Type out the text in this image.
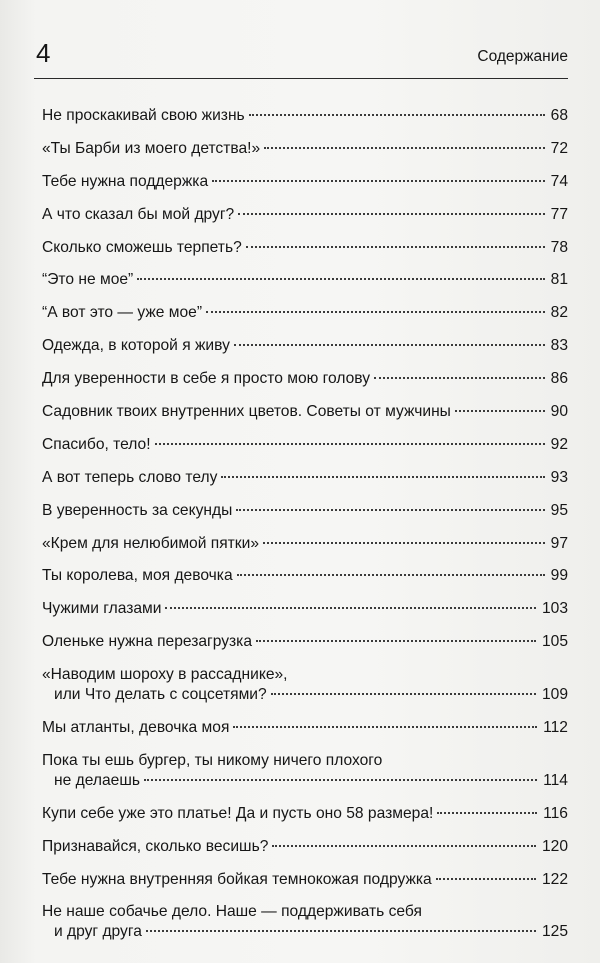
4	Содержание
Не проскакивай свою жизнь	68
«Ты Барби из моего детства!»	72
Тебе нужна поддержка	74
А что сказал бы мой друг?	77
Сколько сможешь терпеть?	78
“Это не мое”	81
“А вот это — уже мое”	82
Одежда, в которой я живу	83
Для уверенности в себе я просто мою голову	86
Садовник твоих внутренних цветов. Советы от мужчины	90
Спасибо, тело!	92
А вот теперь слово телу	93
В уверенность за секунды	95
«Крем для нелюбимой пятки»	97
Ты королева, моя девочка	99
Чужими глазами	103
Оленьке нужна перезагрузка	105
«Наводим шороху в рассаднике»,
или Что делать с соцсетями?	109
Мы атланты, девочка моя	112
Пока ты ешь бургер, ты никому ничего плохого
не делаешь	114
Купи себе уже это платье! Да и пусть оно 58 размера!	116
Признавайся, сколько весишь?	120
Тебе нужна внутренняя бойкая темнокожая подружка	122
Не наше собачье дело. Наше — поддерживать себя
и друг друга	125
